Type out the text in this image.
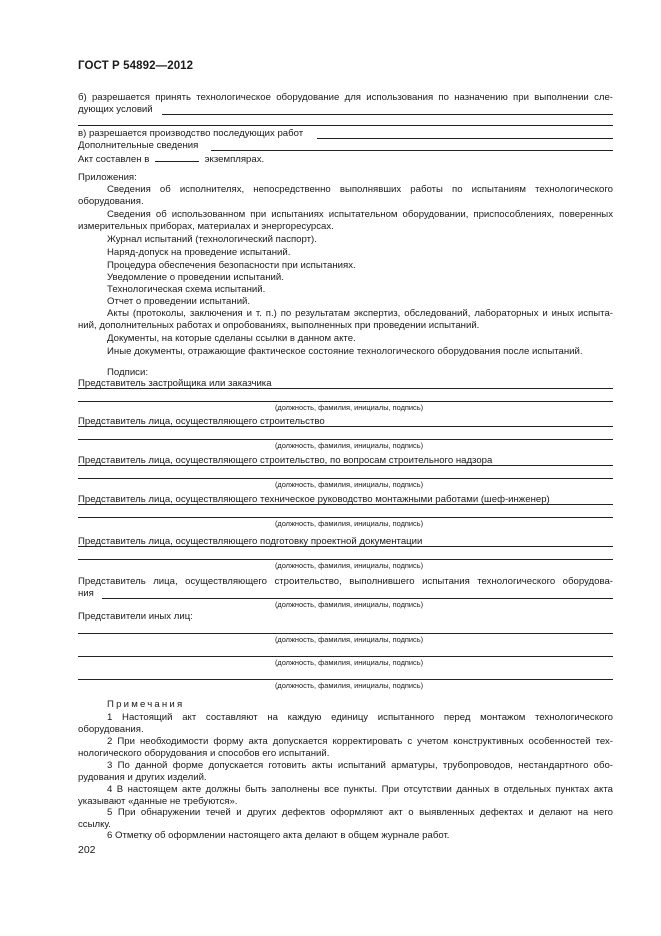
ГОСТ Р 54892—2012
б) разрешается принять технологическое оборудование для использования по назначению при выполнении сле-
дующих условий
в) разрешается производство последующих работ
Дополнительные сведения
Акт составлен в	экземплярах.
Приложения:
Сведения об исполнителях, непосредственно выполнявших работы по испытаниям технологического
оборудования.
Сведения об использованном при испытаниях испытательном оборудовании, приспособлениях, поверенных
измерительных приборах, материалах и энергоресурсах.
Журнал испытаний (технологический паспорт).
Наряд-допуск на проведение испытаний.
Процедура обеспечения безопасности при испытаниях.
Уведомление о проведении испытаний.
Технологическая схема испытаний.
Отчет о проведении испытаний.
Акты (протоколы, заключения и т. п.) по результатам экспертиз, обследований, лабораторных и иных испыта-
ний, дополнительных работах и опробованиях, выполненных при проведении испытаний.
Документы, на которые сделаны ссылки в данном акте.
Иные документы, отражающие фактическое состояние технологического оборудования после испытаний.
Подписи:
Представитель застройщика или заказчика
(должность, фамилия, инициалы, подпись)
Представитель лица, осуществляющего строительство
(должность, фамилия, инициалы, подпись)
Представитель лица, осуществляющего строительство, по вопросам строительного надзора
(должность, фамилия, инициалы, подпись)
Представитель лица, осуществляющего техническое руководство монтажными работами (шеф-инженер)
(должность, фамилия, инициалы, подпись)
Представитель лица, осуществляющего подготовку проектной документации
(должность, фамилия, инициалы, подпись)
Представитель лица, осуществляющего строительство, выполнившего испытания технологического оборудова-
ния
(должность, фамилия, инициалы, подпись)
Представители иных лиц:
(должность, фамилия, инициалы, подпись)
(должность, фамилия, инициалы, подпись)
(должность, фамилия, инициалы, подпись)
Примечания
1 Настоящий акт составляют на каждую единицу испытанного перед монтажом технологического
оборудования.
2 При необходимости форму акта допускается корректировать с учетом конструктивных особенностей тех-
нологического оборудования и способов его испытаний.
3 По данной форме допускается готовить акты испытаний арматуры, трубопроводов, нестандартного обо-
рудования и других изделий.
4 В настоящем акте должны быть заполнены все пункты. При отсутствии данных в отдельных пунктах акта
указывают «данные не требуются».
5 При обнаружении течей и других дефектов оформляют акт о выявленных дефектах и делают на него
ссылку.
6 Отметку об оформлении настоящего акта делают в общем журнале работ.
202
